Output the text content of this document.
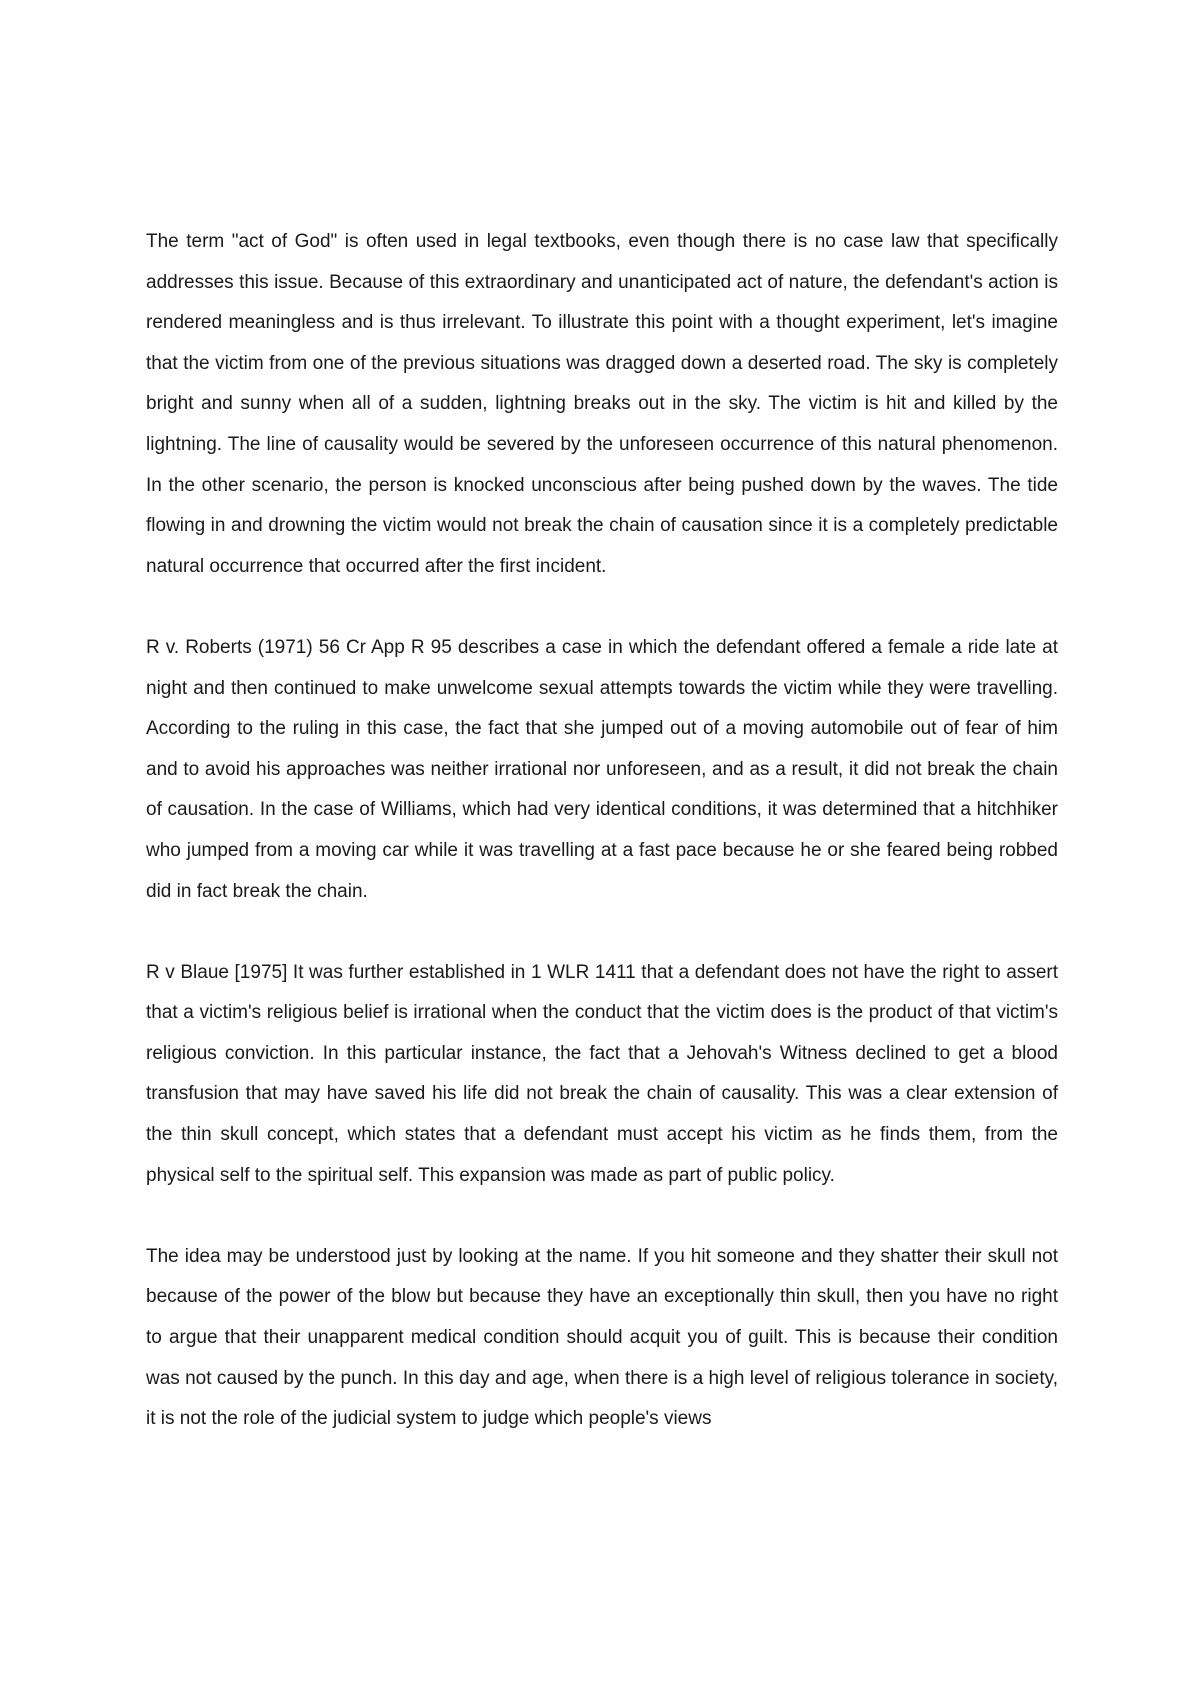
The term "act of God" is often used in legal textbooks, even though there is no case law that specifically addresses this issue. Because of this extraordinary and unanticipated act of nature, the defendant's action is rendered meaningless and is thus irrelevant. To illustrate this point with a thought experiment, let's imagine that the victim from one of the previous situations was dragged down a deserted road. The sky is completely bright and sunny when all of a sudden, lightning breaks out in the sky. The victim is hit and killed by the lightning. The line of causality would be severed by the unforeseen occurrence of this natural phenomenon. In the other scenario, the person is knocked unconscious after being pushed down by the waves. The tide flowing in and drowning the victim would not break the chain of causation since it is a completely predictable natural occurrence that occurred after the first incident.

R v. Roberts (1971) 56 Cr App R 95 describes a case in which the defendant offered a female a ride late at night and then continued to make unwelcome sexual attempts towards the victim while they were travelling. According to the ruling in this case, the fact that she jumped out of a moving automobile out of fear of him and to avoid his approaches was neither irrational nor unforeseen, and as a result, it did not break the chain of causation. In the case of Williams, which had very identical conditions, it was determined that a hitchhiker who jumped from a moving car while it was travelling at a fast pace because he or she feared being robbed did in fact break the chain.

R v Blaue [1975] It was further established in 1 WLR 1411 that a defendant does not have the right to assert that a victim's religious belief is irrational when the conduct that the victim does is the product of that victim's religious conviction. In this particular instance, the fact that a Jehovah's Witness declined to get a blood transfusion that may have saved his life did not break the chain of causality. This was a clear extension of the thin skull concept, which states that a defendant must accept his victim as he finds them, from the physical self to the spiritual self. This expansion was made as part of public policy.

The idea may be understood just by looking at the name. If you hit someone and they shatter their skull not because of the power of the blow but because they have an exceptionally thin skull, then you have no right to argue that their unapparent medical condition should acquit you of guilt. This is because their condition was not caused by the punch. In this day and age, when there is a high level of religious tolerance in society, it is not the role of the judicial system to judge which people's views
